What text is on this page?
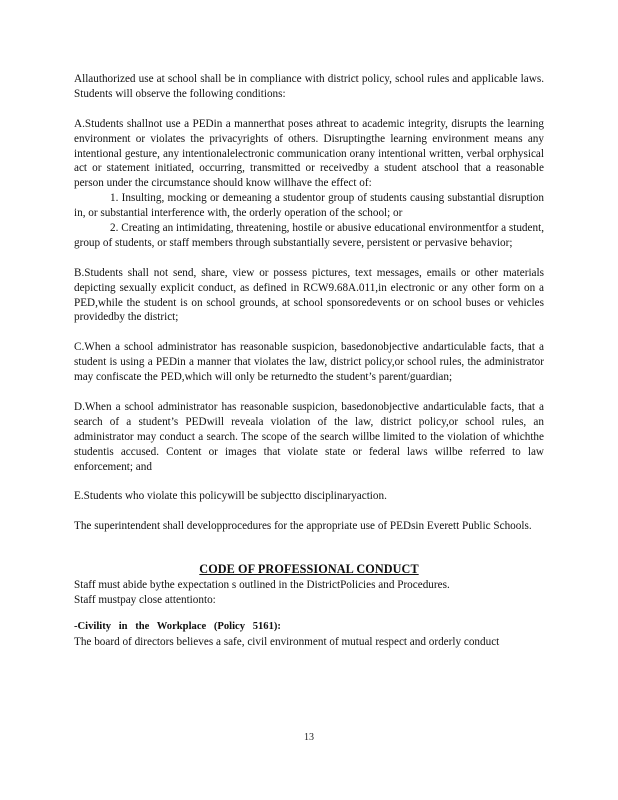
Allauthorized use at school shall be in compliance with district policy, school rules and applicable laws. Students will observe the following conditions:

A.Students shallnot use a PEDin a mannerthat poses athreat to academic integrity, disrupts the learning environment or violates the privacyrights of others. Disruptingthe learning environment means any intentional gesture, any intentionalelectronic communication orany intentional written, verbal orphysical act or statement initiated, occurring, transmitted or receivedby a student atschool that a reasonable person under the circumstance should know willhave the effect of:
1. Insulting, mocking or demeaning a studentor group of students causing substantial disruption in, or substantial interference with, the orderly operation of the school; or
2. Creating an intimidating, threatening, hostile or abusive educational environmentfor a student, group of students, or staff members through substantially severe, persistent or pervasive behavior;

B.Students shall not send, share, view or possess pictures, text messages, emails or other materials depicting sexually explicit conduct, as defined in RCW9.68A.011,in electronic or any other form on a PED,while the student is on school grounds, at school sponsoredevents or on school buses or vehicles providedby the district;

C.When a school administrator has reasonable suspicion, basedonobjective andarticulable facts, that a student is using a PEDin a manner that violates the law, district policy,or school rules, the administrator may confiscate the PED,which will only be returnedto the student’s parent/guardian;

D.When a school administrator has reasonable suspicion, basedonobjective andarticulable facts, that a search of a student’s PEDwill reveala violation of the law, district policy,or school rules, an administrator may conduct a search. The scope of the search willbe limited to the violation of whichthe studentis accused. Content or images that violate state or federal laws willbe referred to law enforcement; and

E.Students who violate this policywill be subjectto disciplinaryaction.

The superintendent shall developprocedures for the appropriate use of PEDsin Everett Public Schools.

CODE OF PROFESSIONAL CONDUCT

Staff must abide bythe expectation s outlined in the DistrictPolicies and Procedures.

Staff mustpay close attentionto:

-Civility in the Workplace (Policy 5161):

The board of directors believes a safe, civil environment of mutual respect and orderly conduct

13
